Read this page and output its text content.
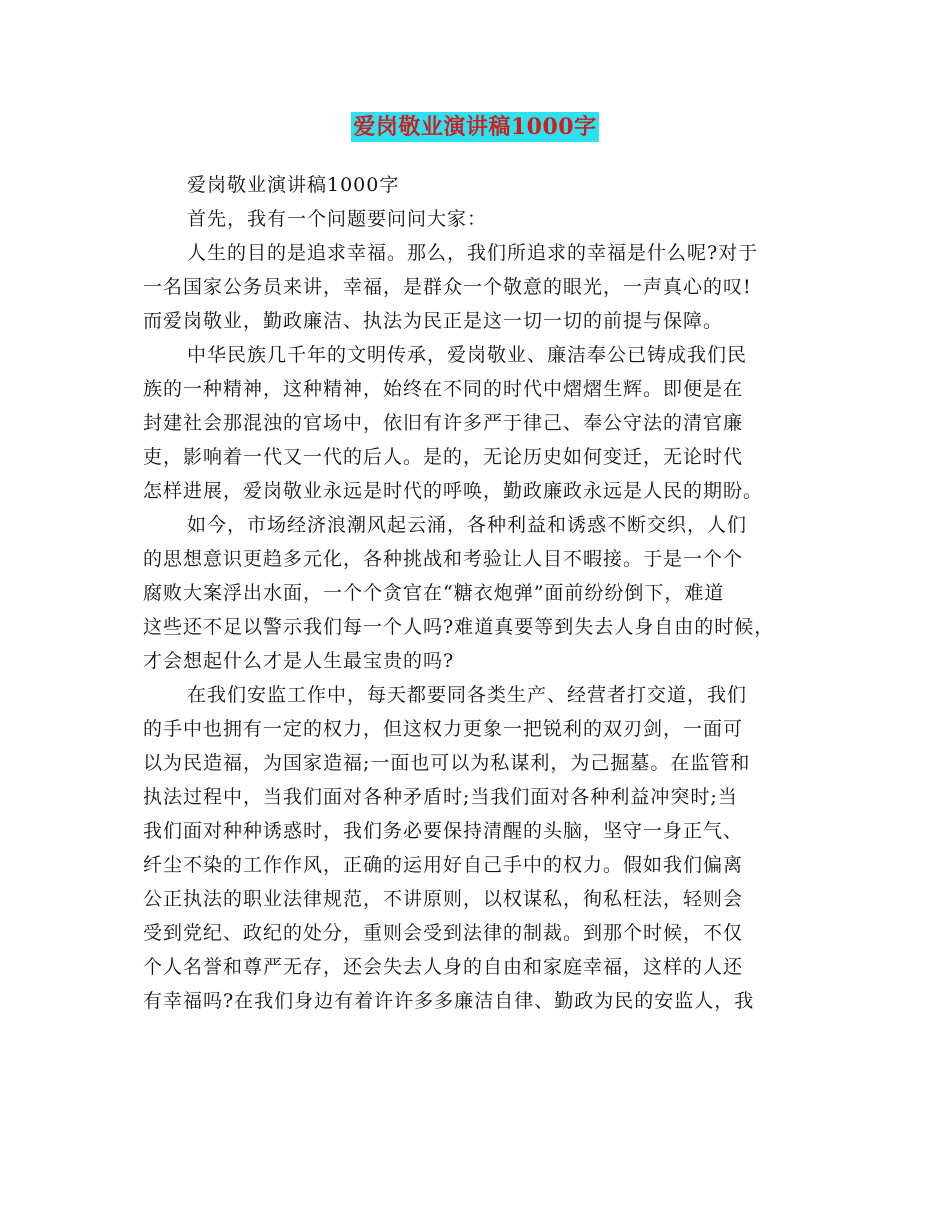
爱岗敬业演讲稿1000字
爱岗敬业演讲稿1000字
首先，我有一个问题要问问大家：
人生的目的是追求幸福。那么，我们所追求的幸福是什么呢?对于
一名国家公务员来讲，幸福，是群众一个敬意的眼光，一声真心的叹!
而爱岗敬业，勤政廉洁、执法为民正是这一切一切的前提与保障。
中华民族几千年的文明传承，爱岗敬业、廉洁奉公已铸成我们民
族的一种精神，这种精神，始终在不同的时代中熠熠生辉。即便是在
封建社会那混浊的官场中，依旧有许多严于律己、奉公守法的清官廉
吏，影响着一代又一代的后人。是的，无论历史如何变迁，无论时代
怎样进展，爱岗敬业永远是时代的呼唤，勤政廉政永远是人民的期盼。
如今，市场经济浪潮风起云涌，各种利益和诱惑不断交织，人们
的思想意识更趋多元化，各种挑战和考验让人目不暇接。于是一个个
腐败大案浮出水面，一个个贪官在“糖衣炮弹”面前纷纷倒下，难道
这些还不足以警示我们每一个人吗?难道真要等到失去人身自由的时候，
才会想起什么才是人生最宝贵的吗?
在我们安监工作中，每天都要同各类生产、经营者打交道，我们
的手中也拥有一定的权力，但这权力更象一把锐利的双刃剑，一面可
以为民造福，为国家造福;一面也可以为私谋利，为己掘墓。在监管和
执法过程中，当我们面对各种矛盾时;当我们面对各种利益冲突时;当
我们面对种种诱惑时，我们务必要保持清醒的头脑，坚守一身正气、
纤尘不染的工作作风，正确的运用好自己手中的权力。假如我们偏离
公正执法的职业法律规范，不讲原则，以权谋私，徇私枉法，轻则会
受到党纪、政纪的处分，重则会受到法律的制裁。到那个时候，不仅
个人名誉和尊严无存，还会失去人身的自由和家庭幸福，这样的人还
有幸福吗?在我们身边有着许许多多廉洁自律、勤政为民的安监人，我
